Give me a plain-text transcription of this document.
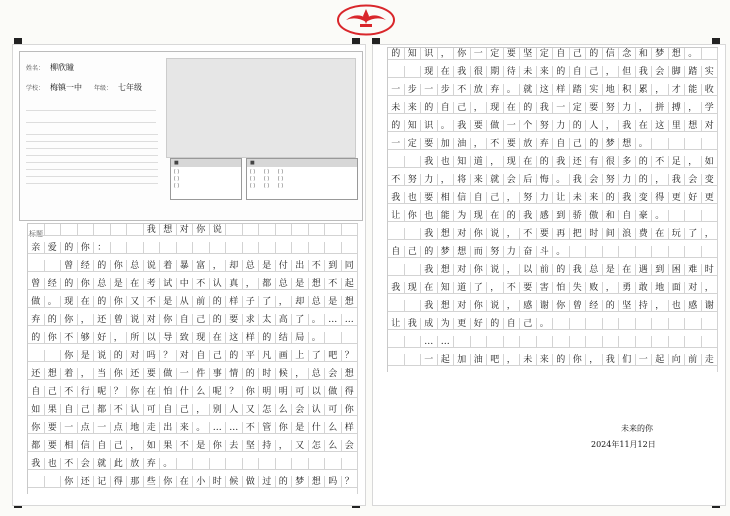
姓名： 柳欣瞳
学校： 梅镇一中 年级： 七年级
■
[ ]
[ ]
[ ]
■
[ ]　　[ ]　　[ ]
[ ]　　[ ]　　[ ]
[ ]　　[ ]　　[ ]
标题：	我 想 对 你 说
亲 爱 的 你 ：
曾 经 的 你 总 说 着 暴 富 ， 却 总 是 付 出 不 到 同
曾 经 的 你 总 是 在 考 试 中 不 认 真 ， 都 总 是 想 不 起
做 。 现 在 的 你 又 不 是 从 前 的 样 子 了 ， 却 总 是 想
弃 的 你 ， 还 曾 说 对 你 自 己 的 要 求 太 高 了 。 … …
的 你 不 够 好 ， 所 以 导 致 现 在 这 样 的 结 局 。
你 是 说 的 对 吗 ？ 对 自 己 的 平 凡 画 上 了 吧 ？
还 想 着 ， 当 你 还 要 做 一 件 事 情 的 时 候 ， 总 会 想
自 己 不 行 呢 ？ 你 在 怕 什 么 呢 ？ 你 明 明 可 以 做 得
如 果 自 己 都 不 认 可 自 己 ， 别 人 又 怎 么 会 认 可 你
你 要 一 点 一 点 地 走 出 来 。 … … 不 管 你 是 什 么 样
都 要 相 信 自 己 ， 如 果 不 是 你 去 坚 持 ， 又 怎 么 会
我 也 不 会 就 此 放 弃 。
你 还 记 得 那 些 你 在 小 时 候 做 过 的 梦 想 吗 ？
的 知 识 ， 你 一 定 要 坚 定 自 己 的 信 念 和 梦 想 。
现 在 我 很 期 待 未 来 的 自 己 ， 但 我 会 脚 踏 实
一 步 一 步 不 放 弃 。 就 这 样 踏 实 地 积 累 ， 才 能 收
未 来 的 自 己 ， 现 在 的 我 一 定 要 努 力 ， 拼 搏 ， 学
的 知 识 。 我 要 做 一 个 努 力 的 人 ， 我 在 这 里 想 对
一 定 要 加 油 ， 不 要 放 弃 自 己 的 梦 想 。
我 也 知 道 ， 现 在 的 我 还 有 很 多 的 不 足 ， 如
不 努 力 ， 将 来 就 会 后 悔 。 我 会 努 力 的 ， 我 会 变
我 也 要 相 信 自 己 ， 努 力 让 未 来 的 我 变 得 更 好 更
让 你 也 能 为 现 在 的 我 感 到 骄 傲 和 自 豪 。
我 想 对 你 说 ， 不 要 再 把 时 间 浪 费 在 玩 了 ，
自 己 的 梦 想 而 努 力 奋 斗 。
我 想 对 你 说 ， 以 前 的 我 总 是 在 遇 到 困 难 时
我 现 在 知 道 了 ， 不 要 害 怕 失 败 ， 勇 敢 地 面 对 ，
我 想 对 你 说 ， 感 谢 你 曾 经 的 坚 持 ， 也 感 谢
让 我 成 为 更 好 的 自 己 。
… …
一 起 加 油 吧 ， 未 来 的 你 ， 我 们 一 起 向 前 走
未来的你
2024年11月12日
